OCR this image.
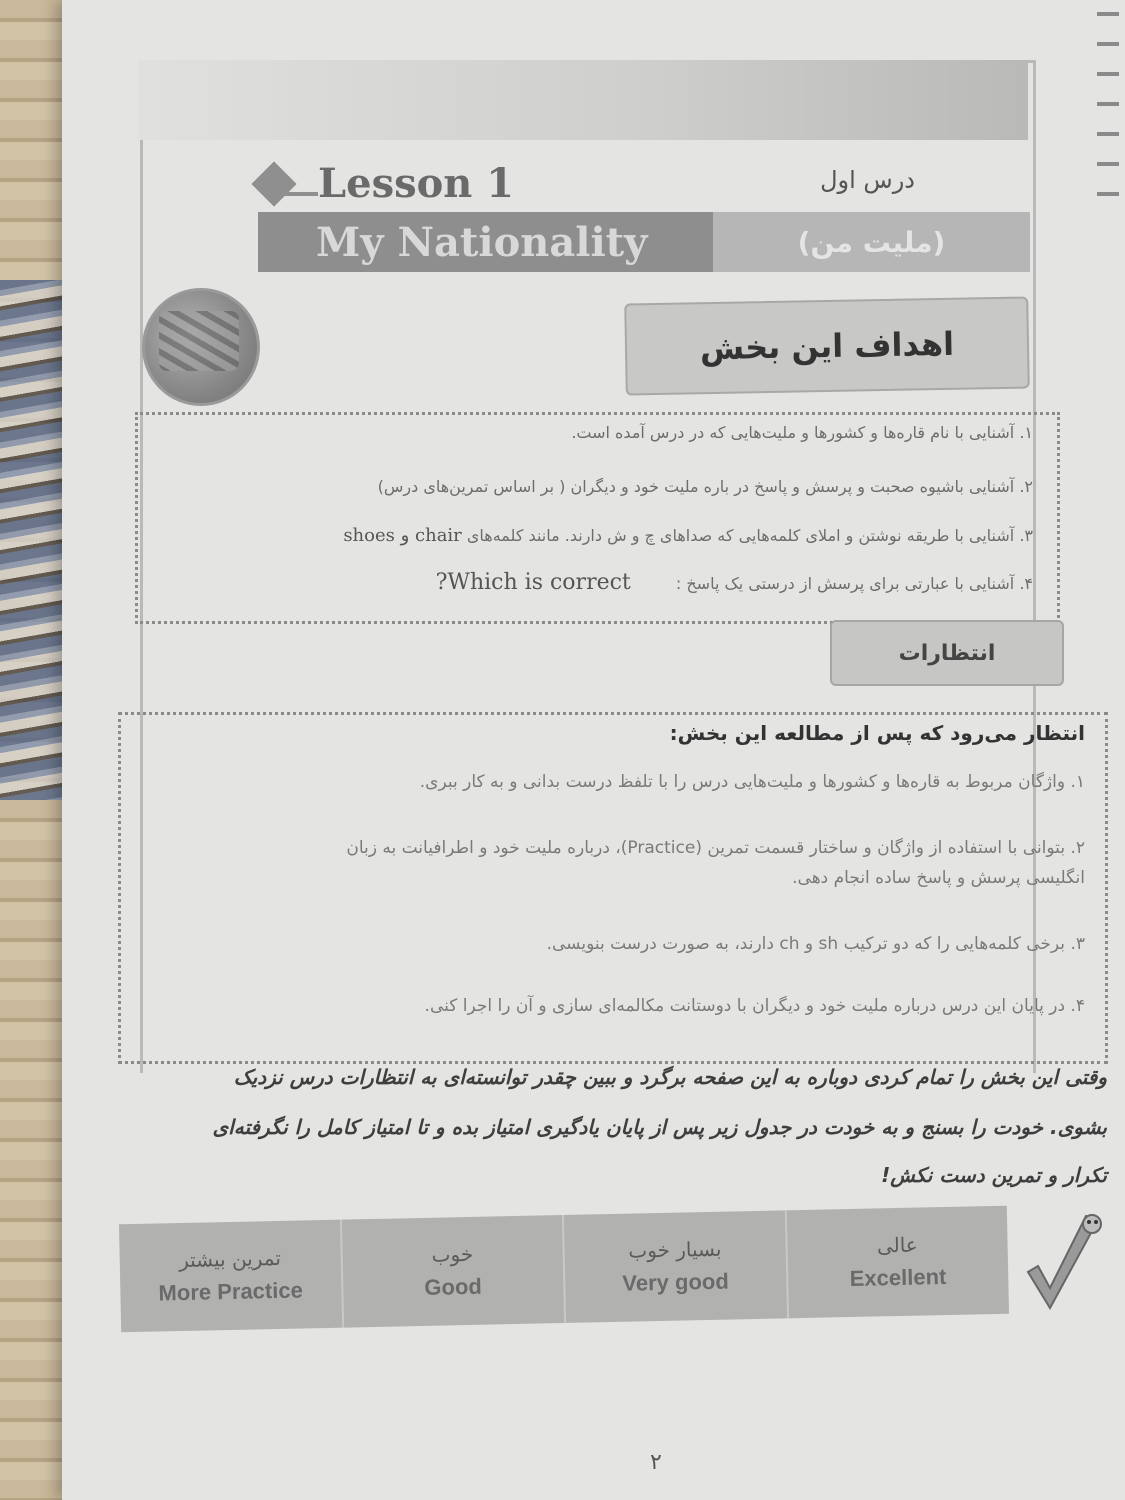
Lesson 1	درس اول
My Nationality	(ملیت من)
اهداف این بخش
۱. آشنایی با نام قاره‌ها و کشورها و ملیت‌هایی که در درس آمده است.
۲. آشنایی باشیوه صحبت و پرسش و پاسخ در باره ملیت خود و دیگران ( بر اساس تمرین‌های درس)
۳. آشنایی با طریقه نوشتن و املای کلمه‌هایی که صداهای چ و ش دارند. مانند کلمه‌های chair و shoes
۴. آشنایی با عبارتی برای پرسش از درستی یک پاسخ : Which is correct?
انتظارات
انتظار می‌رود که پس از مطالعه این بخش:
۱. واژگان مربوط به قاره‌ها و کشورها و ملیت‌هایی درس را با تلفظ درست بدانی و به کار ببری.
۲. بتوانی با استفاده از واژگان و ساختار قسمت تمرین (Practice)، درباره ملیت خود و اطرافیانت به زبان
انگلیسی پرسش و پاسخ ساده انجام دهی.
۳. برخی کلمه‌هایی را که دو ترکیب sh و ch دارند، به صورت درست بنویسی.
۴. در پایان این درس درباره ملیت خود و دیگران با دوستانت مکالمه‌ای سازی و آن را اجرا کنی.
وقتی این بخش را تمام کردی دوباره به این صفحه برگرد و ببین چقدر توانسته‌ای به انتظارات درس نزدیک
بشوی. خودت را بسنج و به خودت در جدول زیر پس از پایان یادگیری امتیاز بده و تا امتیاز کامل را نگرفته‌ای
تکرار و تمرین دست نکش!
عالی
Excellent
بسیار خوب
Very good
خوب
Good
تمرین بیشتر
More Practice
۲
